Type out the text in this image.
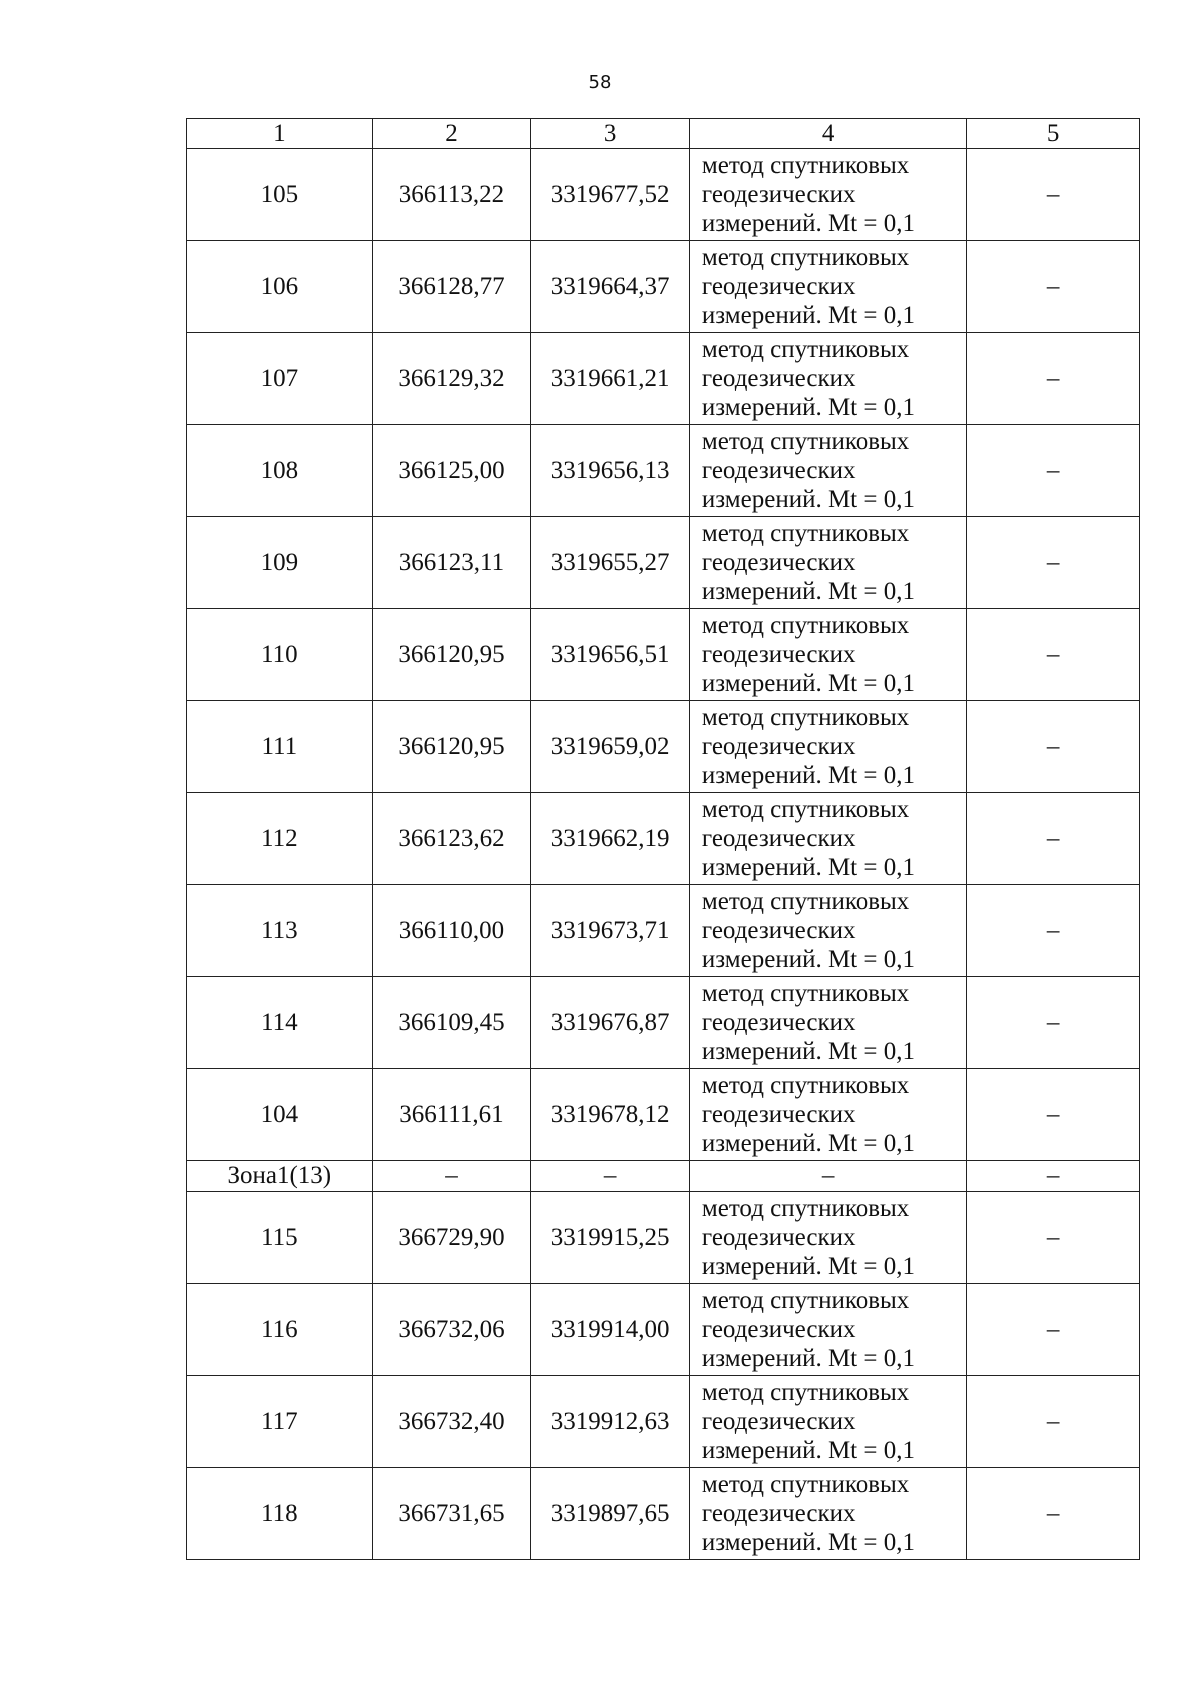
58
1	2	3	4	5
105	366113,22	3319677,52	метод спутниковых
геодезических
измерений. Mt = 0,1	–
106	366128,77	3319664,37	метод спутниковых
геодезических
измерений. Mt = 0,1	–
107	366129,32	3319661,21	метод спутниковых
геодезических
измерений. Mt = 0,1	–
108	366125,00	3319656,13	метод спутниковых
геодезических
измерений. Mt = 0,1	–
109	366123,11	3319655,27	метод спутниковых
геодезических
измерений. Mt = 0,1	–
110	366120,95	3319656,51	метод спутниковых
геодезических
измерений. Mt = 0,1	–
111	366120,95	3319659,02	метод спутниковых
геодезических
измерений. Mt = 0,1	–
112	366123,62	3319662,19	метод спутниковых
геодезических
измерений. Mt = 0,1	–
113	366110,00	3319673,71	метод спутниковых
геодезических
измерений. Mt = 0,1	–
114	366109,45	3319676,87	метод спутниковых
геодезических
измерений. Mt = 0,1	–
104	366111,61	3319678,12	метод спутниковых
геодезических
измерений. Mt = 0,1	–
Зона1(13)	–	–	–	–
115	366729,90	3319915,25	метод спутниковых
геодезических
измерений. Mt = 0,1	–
116	366732,06	3319914,00	метод спутниковых
геодезических
измерений. Mt = 0,1	–
117	366732,40	3319912,63	метод спутниковых
геодезических
измерений. Mt = 0,1	–
118	366731,65	3319897,65	метод спутниковых
геодезических
измерений. Mt = 0,1	–
